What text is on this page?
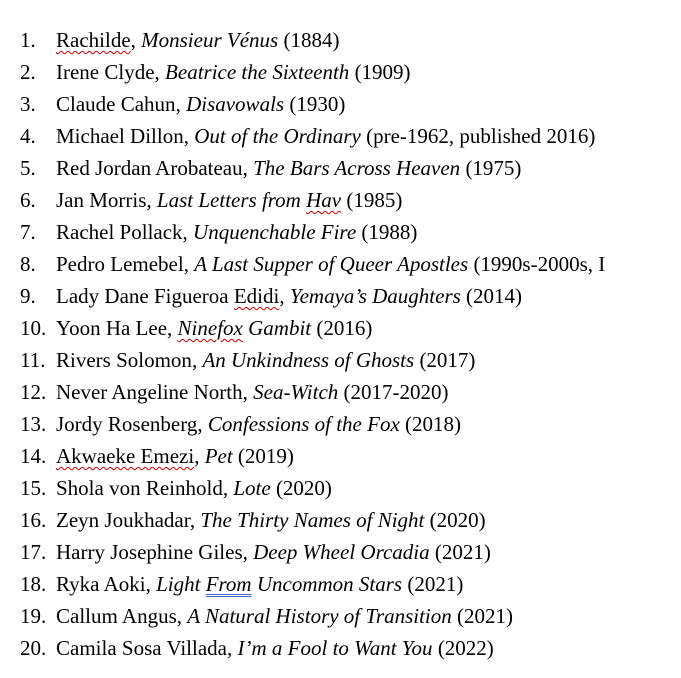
1. Rachilde, Monsieur Vénus (1884)
2. Irene Clyde, Beatrice the Sixteenth (1909)
3. Claude Cahun, Disavowals (1930)
4. Michael Dillon, Out of the Ordinary (pre-1962, published 2016)
5. Red Jordan Arobateau, The Bars Across Heaven (1975)
6. Jan Morris, Last Letters from Hav (1985)
7. Rachel Pollack, Unquenchable Fire (1988)
8. Pedro Lemebel, A Last Supper of Queer Apostles (1990s-2000s, I
9. Lady Dane Figueroa Edidi, Yemaya’s Daughters (2014)
10. Yoon Ha Lee, Ninefox Gambit (2016)
11. Rivers Solomon, An Unkindness of Ghosts (2017)
12. Never Angeline North, Sea-Witch (2017-2020)
13. Jordy Rosenberg, Confessions of the Fox (2018)
14. Akwaeke Emezi, Pet (2019)
15. Shola von Reinhold, Lote (2020)
16. Zeyn Joukhadar, The Thirty Names of Night (2020)
17. Harry Josephine Giles, Deep Wheel Orcadia (2021)
18. Ryka Aoki, Light From Uncommon Stars (2021)
19. Callum Angus, A Natural History of Transition (2021)
20. Camila Sosa Villada, I’m a Fool to Want You (2022)
